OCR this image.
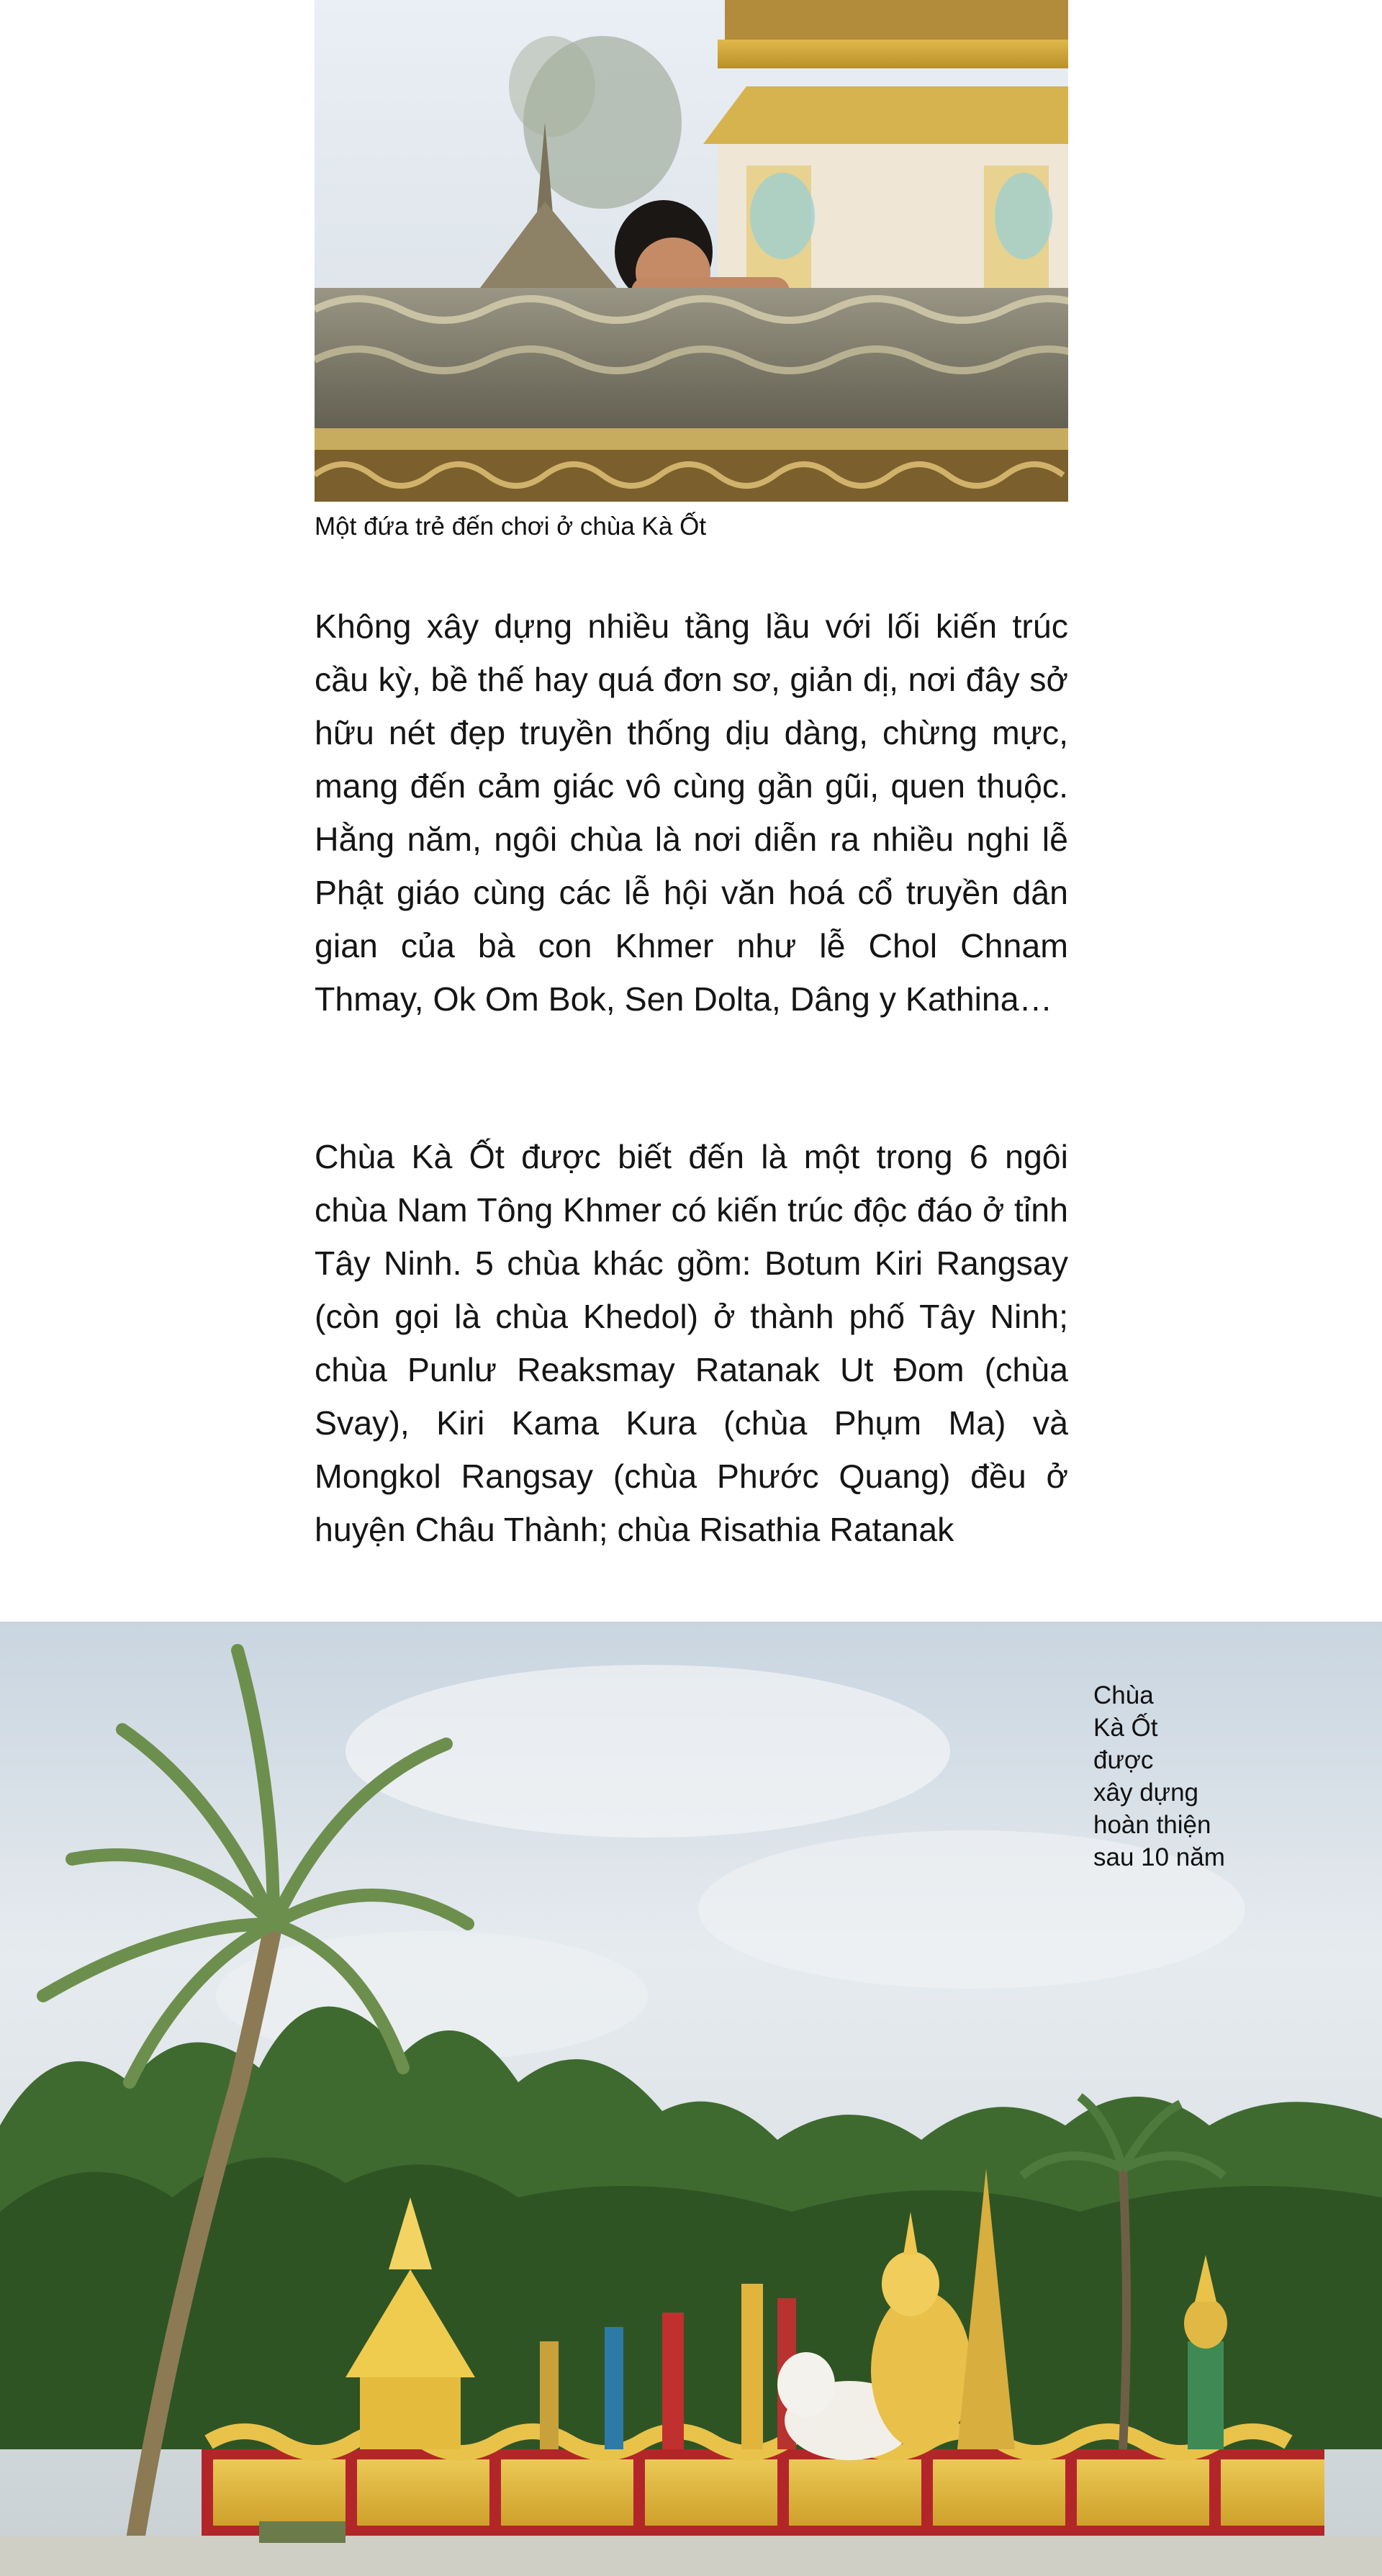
Một đứa trẻ đến chơi ở chùa Kà Ốt

Không xây dựng nhiều tầng lầu với lối kiến trúc cầu kỳ, bề thế hay quá đơn sơ, giản dị, nơi đây sở hữu nét đẹp truyền thống dịu dàng, chừng mực, mang đến cảm giác vô cùng gần gũi, quen thuộc. Hằng năm, ngôi chùa là nơi diễn ra nhiều nghi lễ Phật giáo cùng các lễ hội văn hoá cổ truyền dân gian của bà con Khmer như lễ Chol Chnam Thmay, Ok Om Bok, Sen Dolta, Dâng y Kathina…

Chùa Kà Ốt được biết đến là một trong 6 ngôi chùa Nam Tông Khmer có kiến trúc độc đáo ở tỉnh Tây Ninh. 5 chùa khác gồm: Botum Kiri Rangsay (còn gọi là chùa Khedol) ở thành phố Tây Ninh; chùa Punlư Reaksmay Ratanak Ut Đom (chùa Svay), Kiri Kama Kura (chùa Phụm Ma) và Mongkol Rangsay (chùa Phước Quang) đều ở huyện Châu Thành; chùa Risathia Ratanak

Chùa
Kà Ốt
được
xây dựng
hoàn thiện
sau 10 năm
